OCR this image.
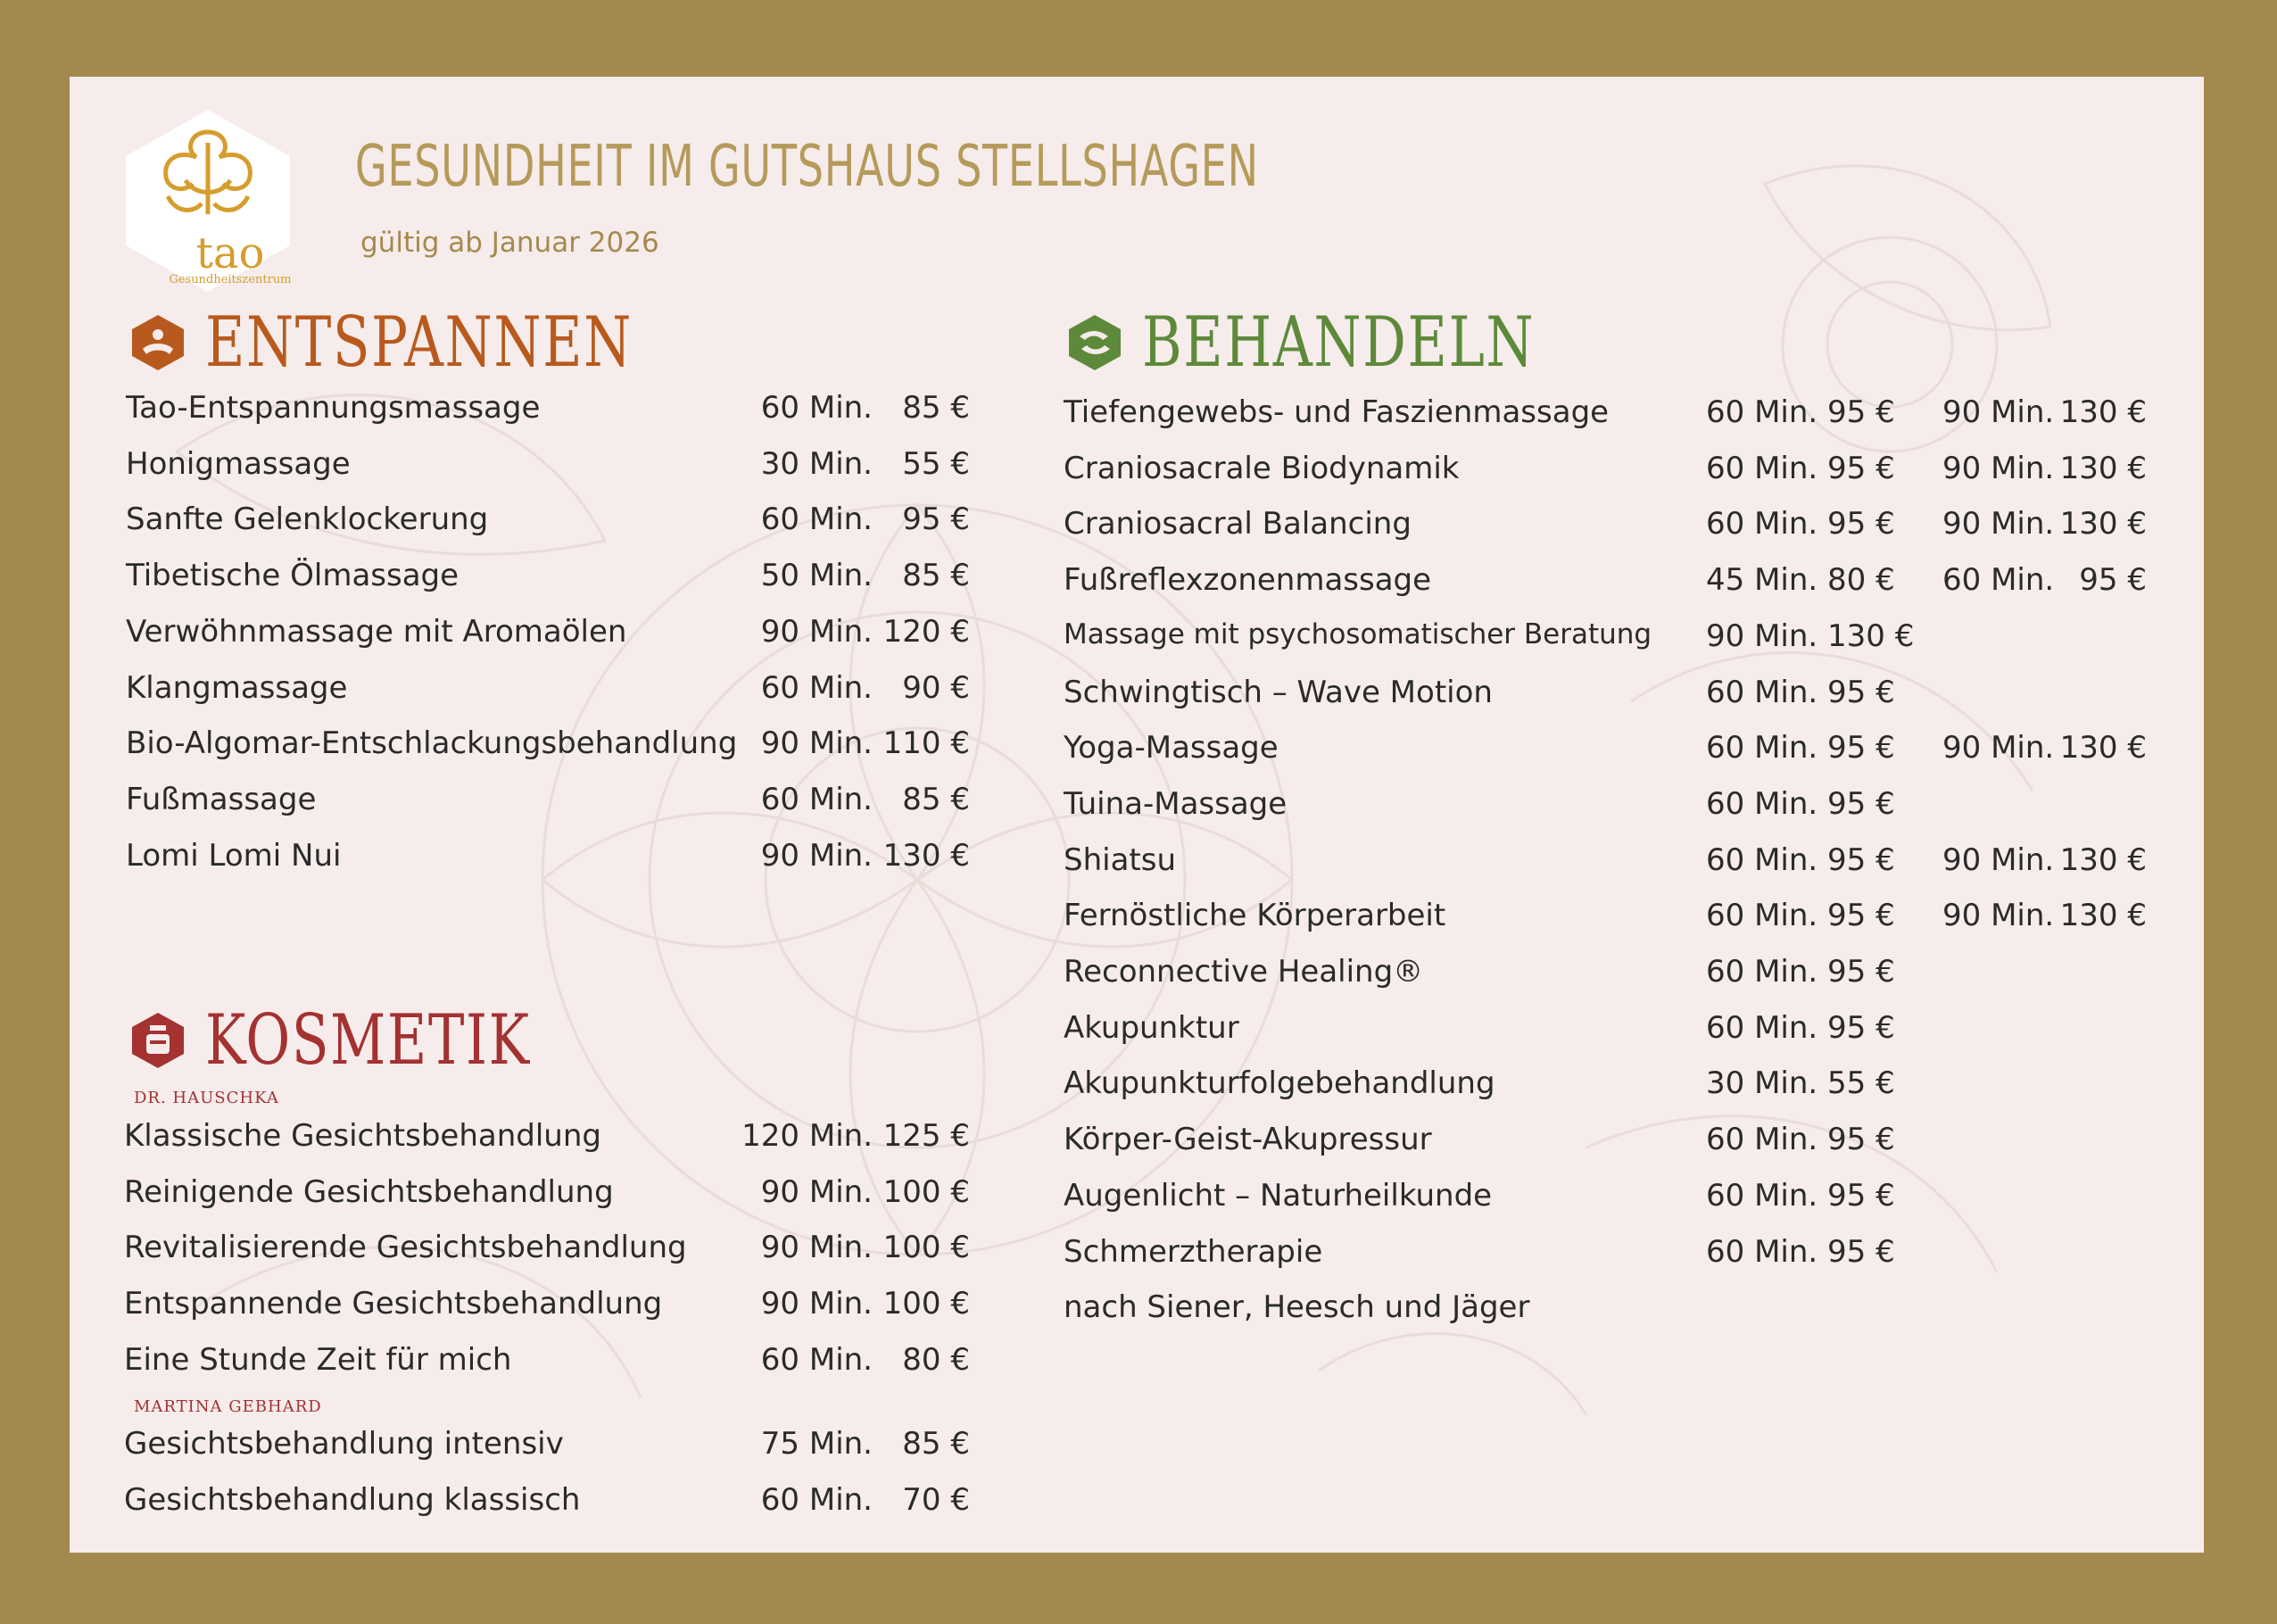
tao
Gesundheitszentrum
GESUNDHEIT IM GUTSHAUS STELLSHAGEN
gültig ab Januar 2026
ENTSPANNEN
Tao-Entspannungsmassage	60 Min. 85 €
Honigmassage	30 Min. 55 €
Sanfte Gelenklockerung	60 Min. 95 €
Tibetische Ölmassage	50 Min. 85 €
Verwöhnmassage mit Aromaölen	90 Min. 120 €
Klangmassage	60 Min. 90 €
Bio-Algomar-Entschlackungsbehandlung 90 Min. 110 €
Fußmassage	60 Min. 85 €
Lomi Lomi Nui	90 Min. 130 €
KOSMETIK
DR. HAUSCHKA
Klassische Gesichtsbehandlung	120 Min. 125 €
Reinigende Gesichtsbehandlung	90 Min. 100 €
Revitalisierende Gesichtsbehandlung 90 Min. 100 €
Entspannende Gesichtsbehandlung	90 Min. 100 €
Eine Stunde Zeit für mich	60 Min. 80 €
MARTINA GEBHARD
Gesichtsbehandlung intensiv	75 Min. 85 €
Gesichtsbehandlung klassisch	60 Min. 70 €
BEHANDELN
Tiefengewebs- und Faszienmassage	60 Min. 95 € 90 Min. 130 €
Craniosacrale Biodynamik	60 Min. 95 € 90 Min. 130 €
Craniosacral Balancing	60 Min. 95 € 90 Min. 130 €
Fußreflexzonenmassage	45 Min. 80 € 60 Min. 95 €
Massage mit psychosomatischer Beratung 90 Min. 130 €
Schwingtisch – Wave Motion	60 Min. 95 €
Yoga-Massage	60 Min. 95 € 90 Min. 130 €
Tuina-Massage	60 Min. 95 €
Shiatsu	60 Min. 95 € 90 Min. 130 €
Fernöstliche Körperarbeit	60 Min. 95 € 90 Min. 130 €
Reconnective Healing®	60 Min. 95 €
Akupunktur	60 Min. 95 €
Akupunkturfolgebehandlung	30 Min. 55 €
Körper-Geist-Akupressur	60 Min. 95 €
Augenlicht – Naturheilkunde	60 Min. 95 €
Schmerztherapie	60 Min. 95 €
nach Siener, Heesch und Jäger
